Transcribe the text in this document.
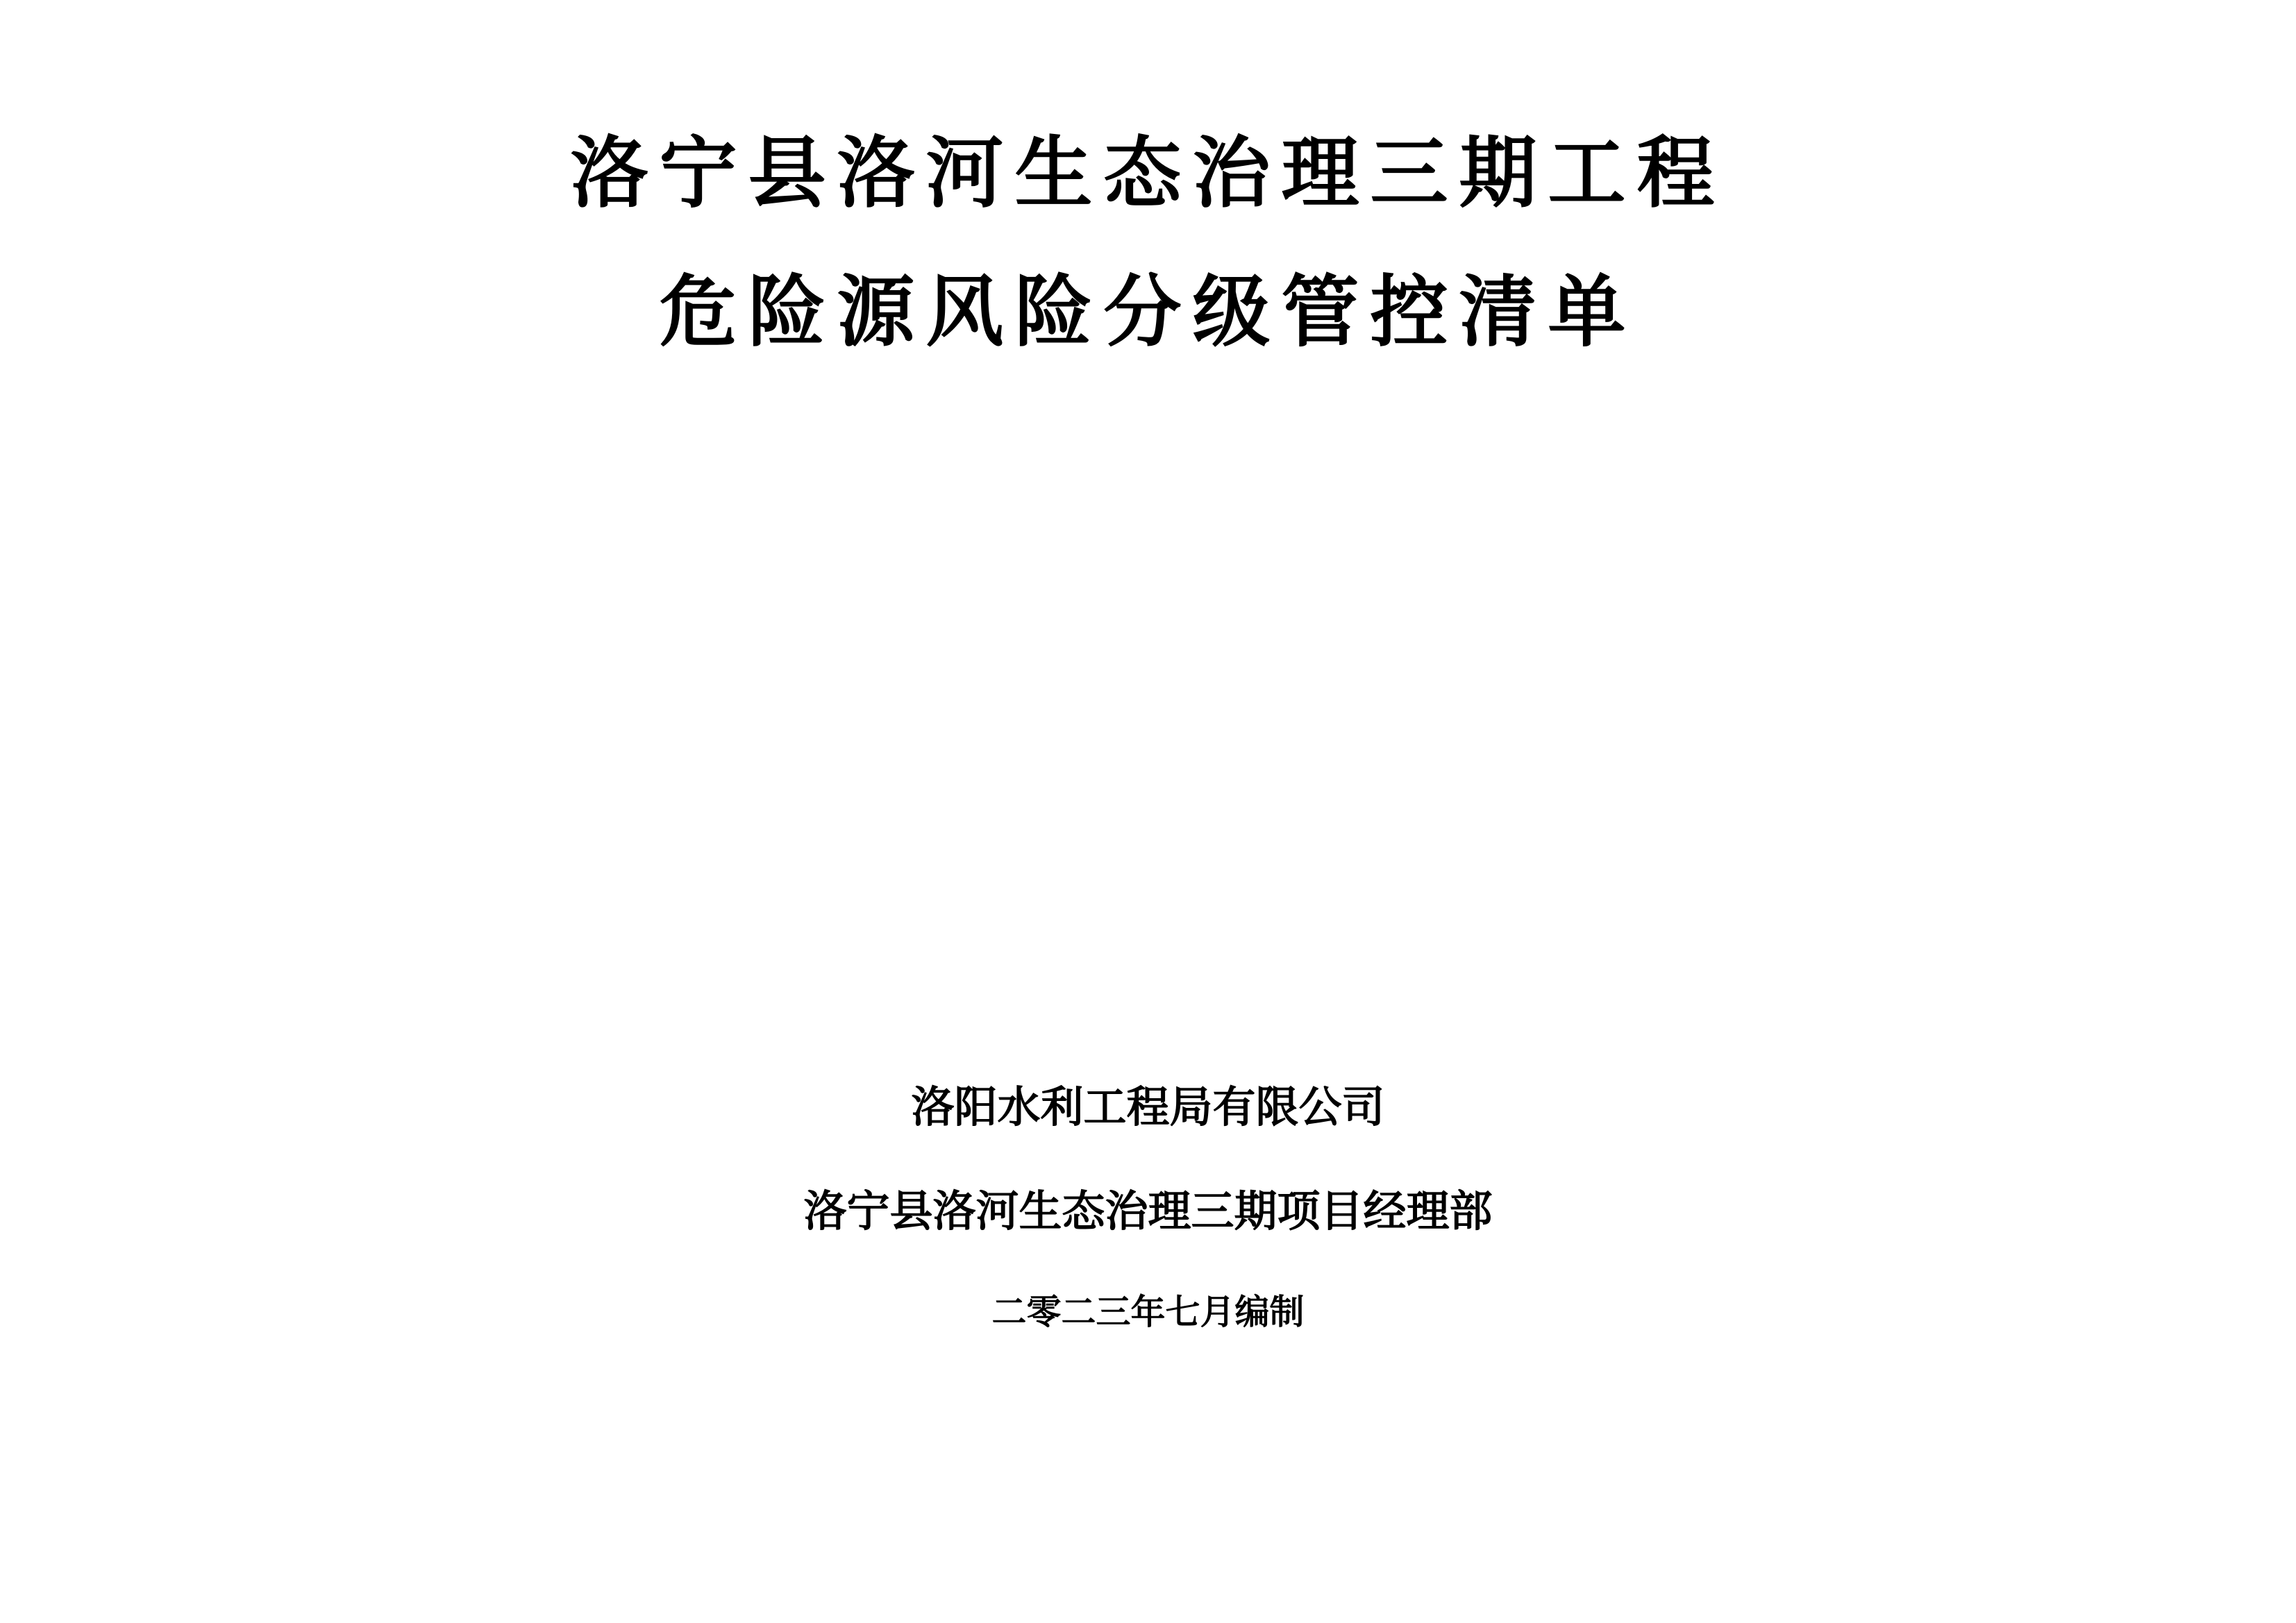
洛宁县洛河生态治理三期工程
危险源风险分级管控清单
洛阳水利工程局有限公司
洛宁县洛河生态治理三期项目经理部
二零二三年七月编制
